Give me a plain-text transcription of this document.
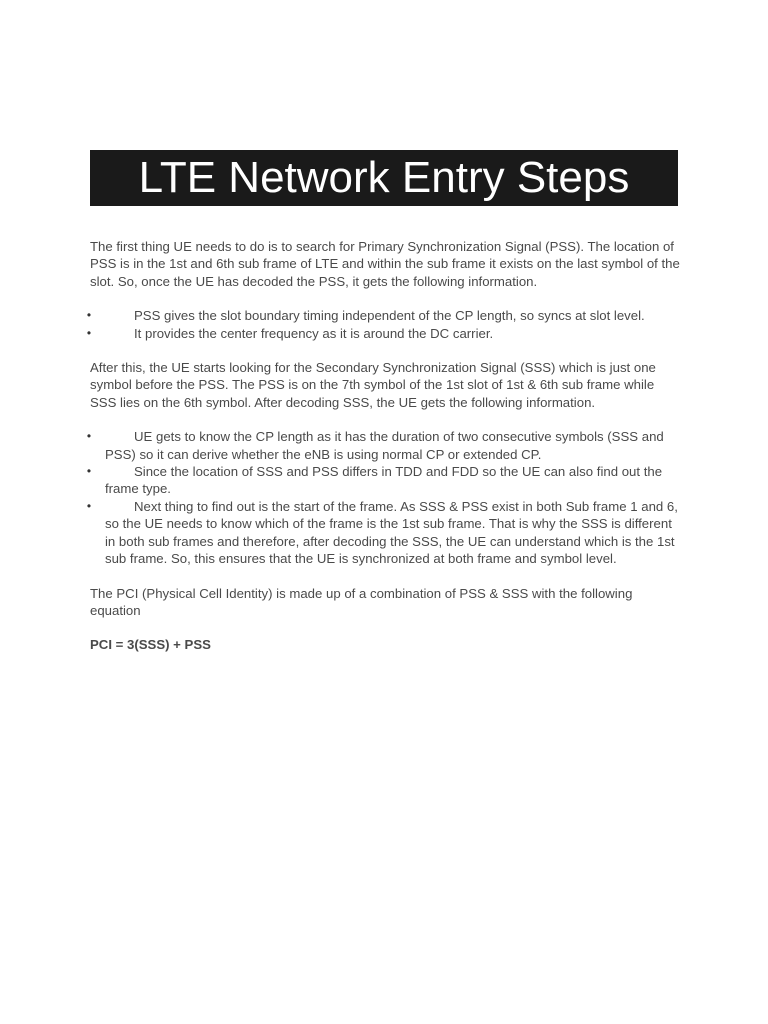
LTE Network Entry Steps

The first thing UE needs to do is to search for Primary Synchronization Signal (PSS). The location of PSS is in the 1st and 6th sub frame of LTE and within the sub frame it exists on the last symbol of the slot. So, once the UE has decoded the PSS, it gets the following information.

•	PSS gives the slot boundary timing independent of the CP length, so syncs at slot level.
•	It provides the center frequency as it is around the DC carrier.

After this, the UE starts looking for the Secondary Synchronization Signal (SSS) which is just one symbol before the PSS. The PSS is on the 7th symbol of the 1st slot of 1st & 6th sub frame while SSS lies on the 6th symbol. After decoding SSS, the UE gets the following information.

•	UE gets to know the CP length as it has the duration of two consecutive symbols (SSS and PSS) so it can derive whether the eNB is using normal CP or extended CP.
•	Since the location of SSS and PSS differs in TDD and FDD so the UE can also find out the frame type.
•	Next thing to find out is the start of the frame. As SSS & PSS exist in both Sub frame 1 and 6, so the UE needs to know which of the frame is the 1st sub frame. That is why the SSS is different in both sub frames and therefore, after decoding the SSS, the UE can understand which is the 1st sub frame. So, this ensures that the UE is synchronized at both frame and symbol level.

The PCI (Physical Cell Identity) is made up of a combination of PSS & SSS with the following equation

PCI = 3(SSS) + PSS
